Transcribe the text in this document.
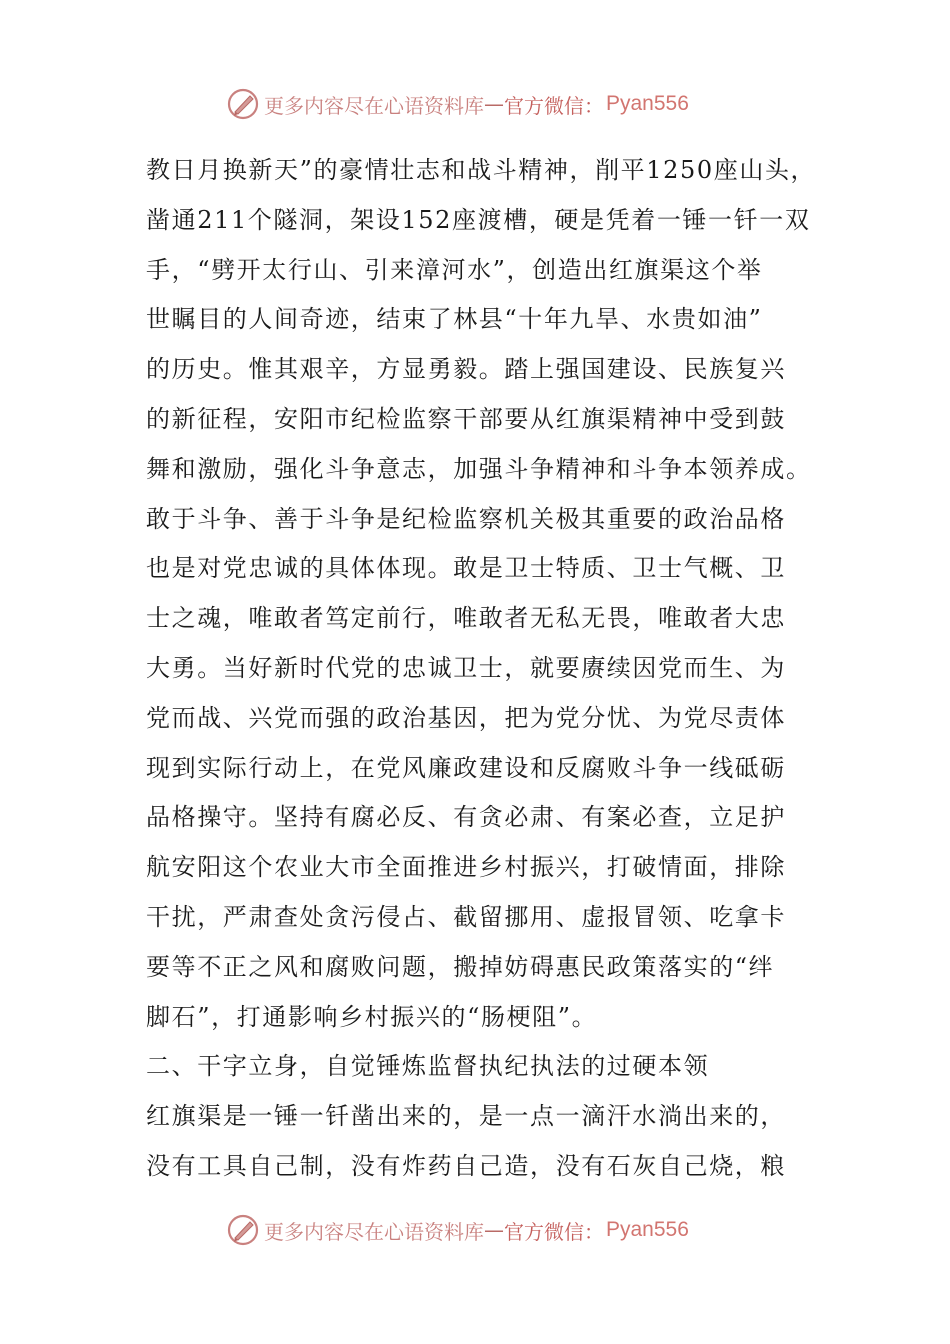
更多内容尽在心语资料库 — 官方微信： Pyan556
教日月换新天”的豪情壮志和战斗精神，削平1250座山头，
凿通211个隧洞，架设152座渡槽，硬是凭着一锤一钎一双
手，“劈开太行山、引来漳河水”，创造出红旗渠这个举
世瞩目的人间奇迹，结束了林县“十年九旱、水贵如油”
的历史。惟其艰辛，方显勇毅。踏上强国建设、民族复兴
的新征程，安阳市纪检监察干部要从红旗渠精神中受到鼓
舞和激励，强化斗争意志，加强斗争精神和斗争本领养成。
敢于斗争、善于斗争是纪检监察机关极其重要的政治品格
也是对党忠诚的具体体现。敢是卫士特质、卫士气概、卫
士之魂，唯敢者笃定前行，唯敢者无私无畏，唯敢者大忠
大勇。当好新时代党的忠诚卫士，就要赓续因党而生、为
党而战、兴党而强的政治基因，把为党分忧、为党尽责体
现到实际行动上，在党风廉政建设和反腐败斗争一线砥砺
品格操守。坚持有腐必反、有贪必肃、有案必查，立足护
航安阳这个农业大市全面推进乡村振兴，打破情面，排除
干扰，严肃查处贪污侵占、截留挪用、虚报冒领、吃拿卡
要等不正之风和腐败问题，搬掉妨碍惠民政策落实的“绊
脚石”，打通影响乡村振兴的“肠梗阻”。
二、干字立身，自觉锤炼监督执纪执法的过硬本领
红旗渠是一锤一钎凿出来的，是一点一滴汗水淌出来的，
没有工具自己制，没有炸药自己造，没有石灰自己烧，粮
更多内容尽在心语资料库 — 官方微信： Pyan556
